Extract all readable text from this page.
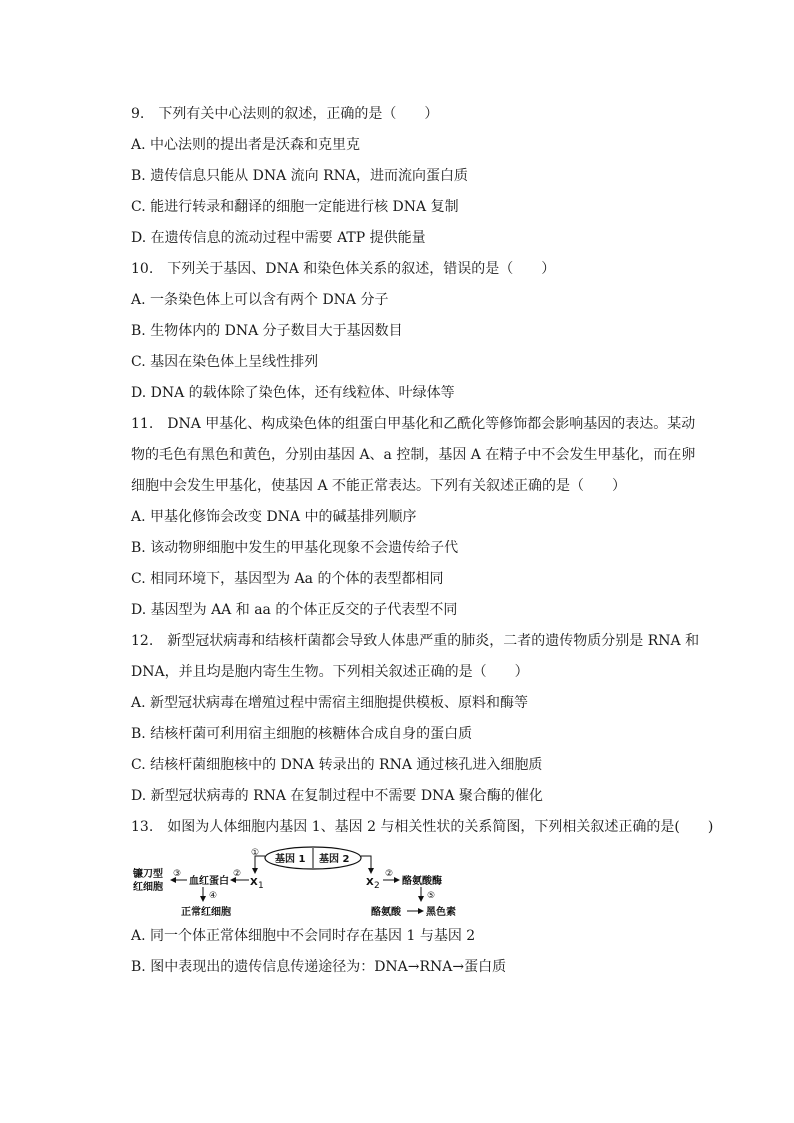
9.　下列有关中心法则的叙述，正确的是（　　）
A. 中心法则的提出者是沃森和克里克
B. 遗传信息只能从 DNA 流向 RNA，进而流向蛋白质
C. 能进行转录和翻译的细胞一定能进行核 DNA 复制
D. 在遗传信息的流动过程中需要 ATP 提供能量
10.　下列关于基因、DNA 和染色体关系的叙述，错误的是（　　）
A. 一条染色体上可以含有两个 DNA 分子
B. 生物体内的 DNA 分子数目大于基因数目
C. 基因在染色体上呈线性排列
D. DNA 的载体除了染色体，还有线粒体、叶绿体等
11.　DNA 甲基化、构成染色体的组蛋白甲基化和乙酰化等修饰都会影响基因的表达。某动
物的毛色有黑色和黄色，分别由基因 A、a 控制，基因 A 在精子中不会发生甲基化，而在卵
细胞中会发生甲基化，使基因 A 不能正常表达。下列有关叙述正确的是（　　）
A. 甲基化修饰会改变 DNA 中的碱基排列顺序
B. 该动物卵细胞中发生的甲基化现象不会遗传给子代
C. 相同环境下，基因型为 Aa 的个体的表型都相同
D. 基因型为 AA 和 aa 的个体正反交的子代表型不同
12.　新型冠状病毒和结核杆菌都会导致人体患严重的肺炎，二者的遗传物质分别是 RNA 和
DNA，并且均是胞内寄生生物。下列相关叙述正确的是（　　）
A. 新型冠状病毒在增殖过程中需宿主细胞提供模板、原料和酶等
B. 结核杆菌可利用宿主细胞的核糖体合成自身的蛋白质
C. 结核杆菌细胞核中的 DNA 转录出的 RNA 通过核孔进入细胞质
D. 新型冠状病毒的 RNA 在复制过程中不需要 DNA 聚合酶的催化
13.　如图为人体细胞内基因 1、基因 2 与相关性状的关系简图，下列相关叙述正确的是(　　)
基因 1 基因 2
①
X 1	X 2
②
血红蛋白
③
镰刀型
红细胞
④
正常红细胞
②
酪氨酸酶
⑤
酪氨酸	黑色素
A. 同一个体正常体细胞中不会同时存在基因 1 与基因 2
B. 图中表现出的遗传信息传递途径为：DNA→RNA→蛋白质
